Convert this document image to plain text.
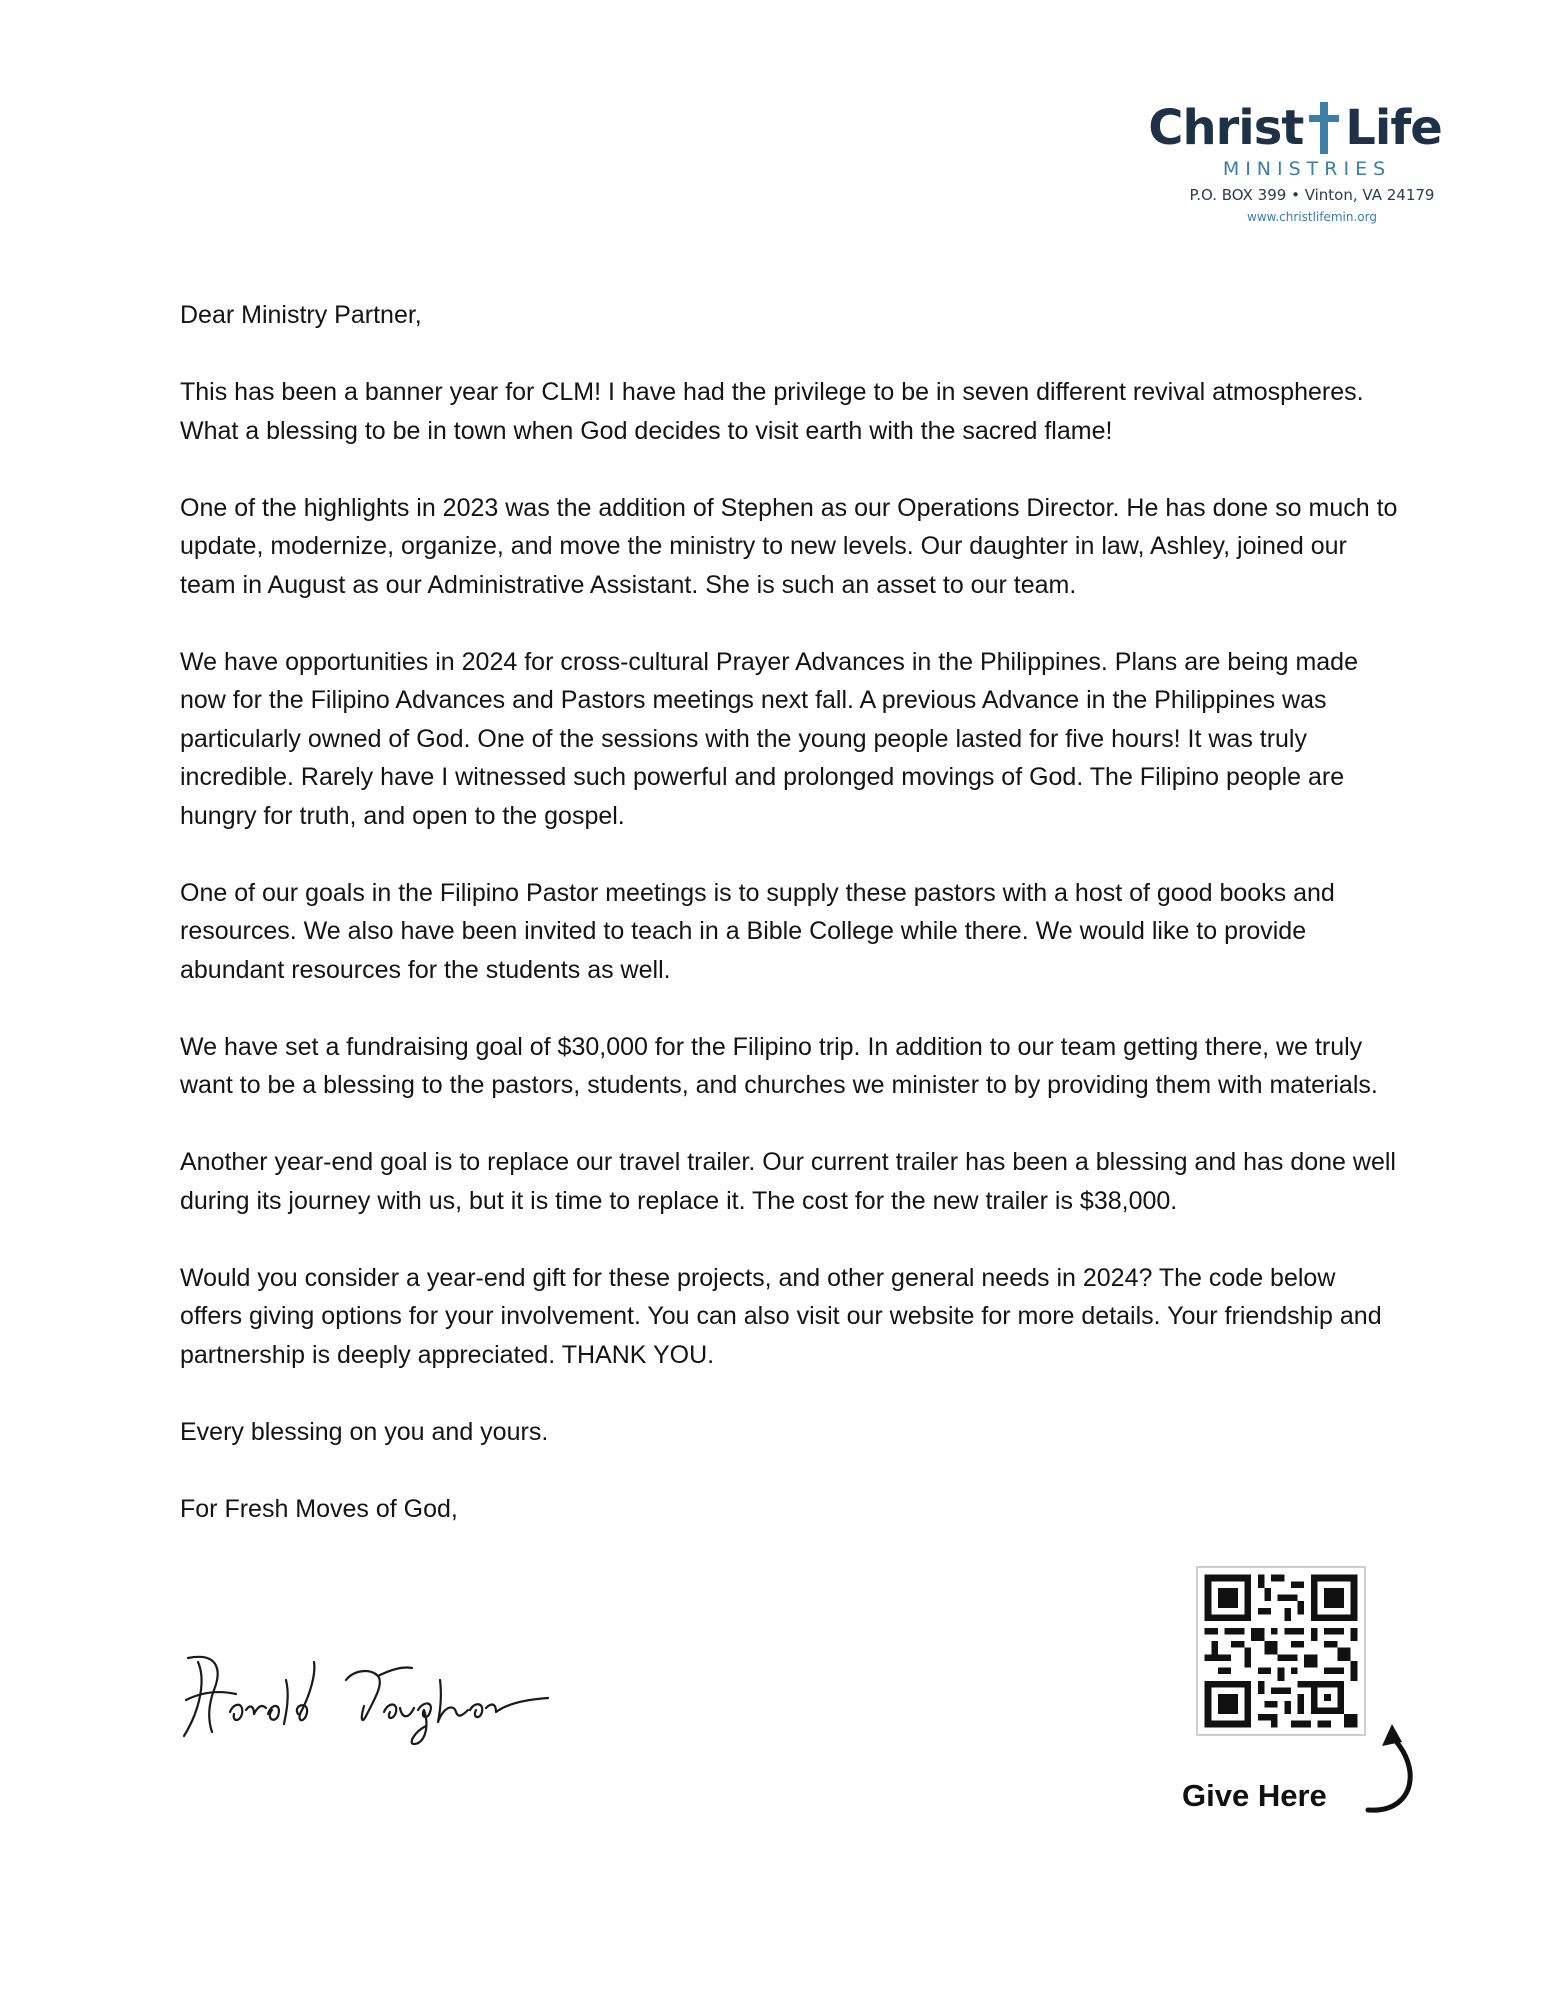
Christ Life
MINISTRIES
P.O. BOX 399 • Vinton, VA 24179
www.christlifemin.org

Dear Ministry Partner,

This has been a banner year for CLM! I have had the privilege to be in seven different revival atmospheres. What a blessing to be in town when God decides to visit earth with the sacred flame!

One of the highlights in 2023 was the addition of Stephen as our Operations Director. He has done so much to update, modernize, organize, and move the ministry to new levels. Our daughter in law, Ashley, joined our team in August as our Administrative Assistant. She is such an asset to our team.

We have opportunities in 2024 for cross-cultural Prayer Advances in the Philippines. Plans are being made now for the Filipino Advances and Pastors meetings next fall. A previous Advance in the Philippines was particularly owned of God. One of the sessions with the young people lasted for five hours! It was truly incredible. Rarely have I witnessed such powerful and prolonged movings of God. The Filipino people are hungry for truth, and open to the gospel.

One of our goals in the Filipino Pastor meetings is to supply these pastors with a host of good books and resources. We also have been invited to teach in a Bible College while there. We would like to provide abundant resources for the students as well.

We have set a fundraising goal of $30,000 for the Filipino trip. In addition to our team getting there, we truly want to be a blessing to the pastors, students, and churches we minister to by providing them with materials.

Another year-end goal is to replace our travel trailer. Our current trailer has been a blessing and has done well during its journey with us, but it is time to replace it. The cost for the new trailer is $38,000.

Would you consider a year-end gift for these projects, and other general needs in 2024? The code below offers giving options for your involvement. You can also visit our website for more details. Your friendship and partnership is deeply appreciated. THANK YOU.

Every blessing on you and yours.

For Fresh Moves of God,

Give Here
